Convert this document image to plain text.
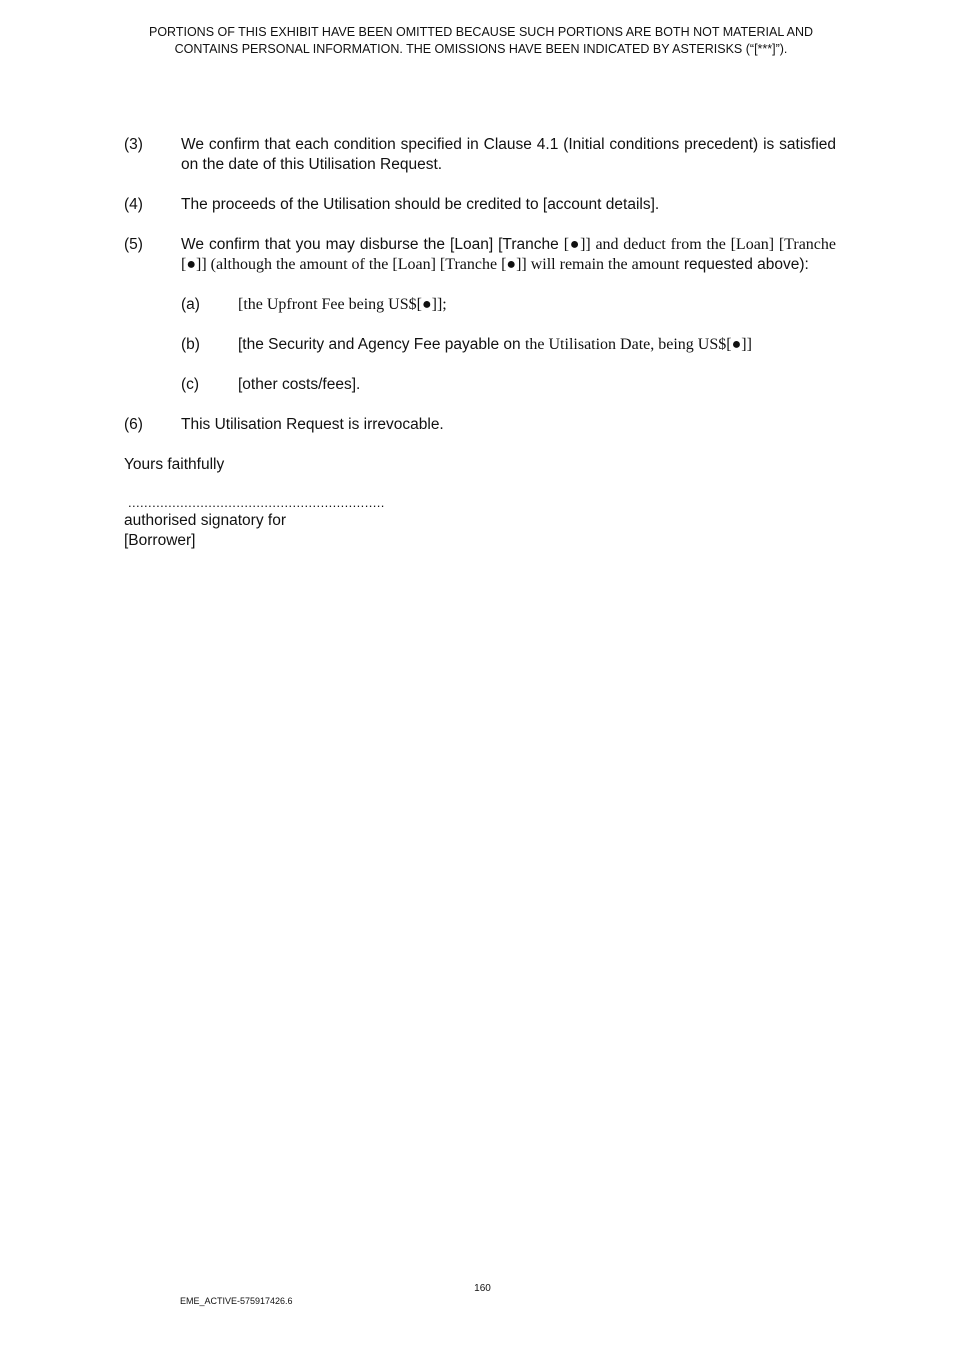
PORTIONS OF THIS EXHIBIT HAVE BEEN OMITTED BECAUSE SUCH PORTIONS ARE BOTH NOT MATERIAL AND
CONTAINS PERSONAL INFORMATION. THE OMISSIONS HAVE BEEN INDICATED BY ASTERISKS (“[***]”).
(3) We confirm that each condition specified in Clause 4.1 (Initial conditions precedent) is satisfied on the date of this Utilisation Request.
(4) The proceeds of the Utilisation should be credited to [account details].
(5) We confirm that you may disburse the [Loan] [Tranche [●]] and deduct from the [Loan] [Tranche [●]] (although the amount of the [Loan] [Tranche [●]] will remain the amount requested above):
(a) [the Upfront Fee being US$[●]];
(b) [the Security and Agency Fee payable on the Utilisation Date, being US$[●]]
(c)	[other costs/fees].
(6) This Utilisation Request is irrevocable.
Yours faithfully
................................................................
authorised signatory for
[Borrower]
160
EME_ACTIVE-575917426.6
